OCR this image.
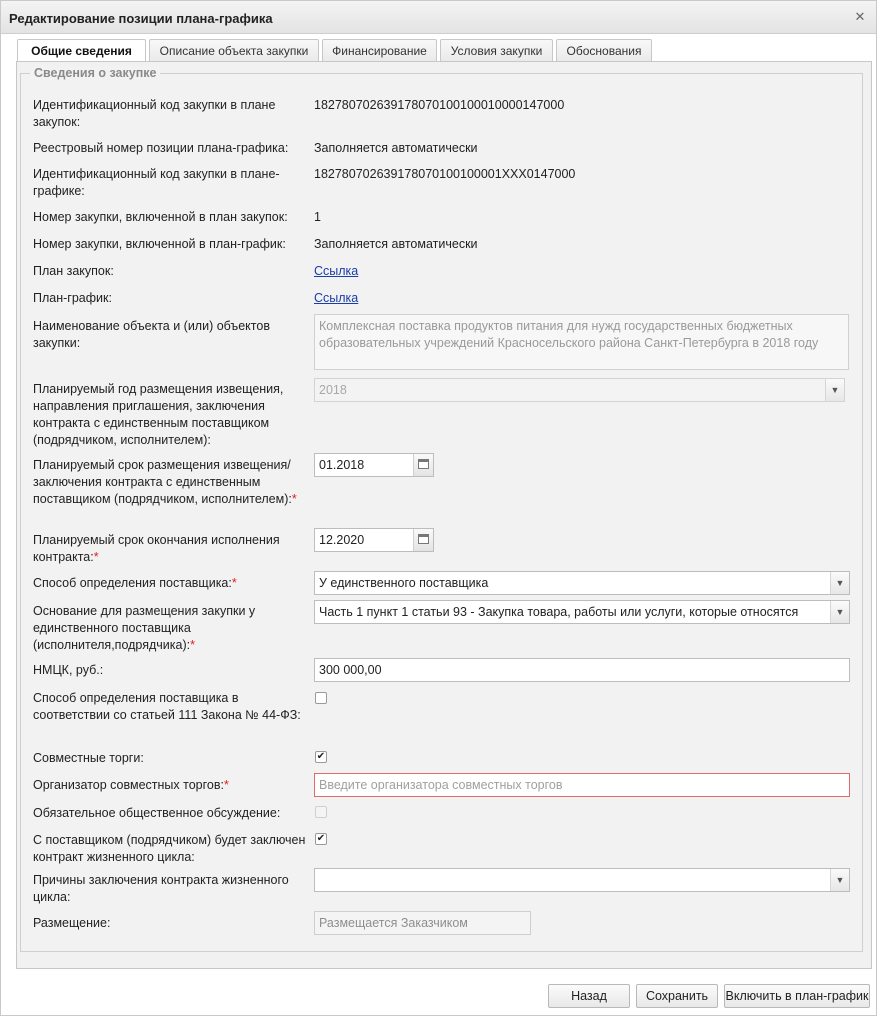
Редактирование позиции плана-графика	✕
Общие сведения	Описание объекта закупки	Финансирование	Условия закупки	Обоснования
Сведения о закупке
Идентификационный код закупки в плане закупок:
182780702639178070100100010000147000
Реестровый номер позиции плана-графика:	Заполняется автоматически
Идентификационный код закупки в плане-графике:
182780702639178070100100001XXX0147000
Номер закупки, включенной в план закупок:	1
Номер закупки, включенной в план-график:	Заполняется автоматически
План закупок:	Ссылка
План-график:	Ссылка
Наименование объекта и (или) объектов закупки:
Комплексная поставка продуктов питания для нужд государственных бюджетных образовательных учреждений Красносельского района Санкт-Петербурга в 2018 году
Планируемый год размещения извещения, направления приглашения, заключения контракта с единственным поставщиком (подрядчиком, исполнителем):
2018	▼
Планируемый срок размещения извещения/ заключения контракта с единственным поставщиком (подрядчиком, исполнителем):*
01.2018
Планируемый срок окончания исполнения контракта:*
12.2020
Способ определения поставщика:*	У единственного поставщика	▼
Основание для размещения закупки у единственного поставщика (исполнителя,подрядчика):*
Часть 1 пункт 1 статьи 93 - Закупка товара, работы или услуги, которые относятся	▼
НМЦК, руб.:	300 000,00
Способ определения поставщика в соответствии со статьей 111 Закона № 44-ФЗ:
Совместные торги:	✔
Организатор совместных торгов:*	Введите организатора совместных торгов
Обязательное общественное обсуждение:
С поставщиком (подрядчиком) будет заключен контракт жизненного цикла:
✔
Причины заключения контракта жизненного цикла:
▼
Размещение:	Размещается Заказчиком
Назад	Сохранить	Включить в план-график
